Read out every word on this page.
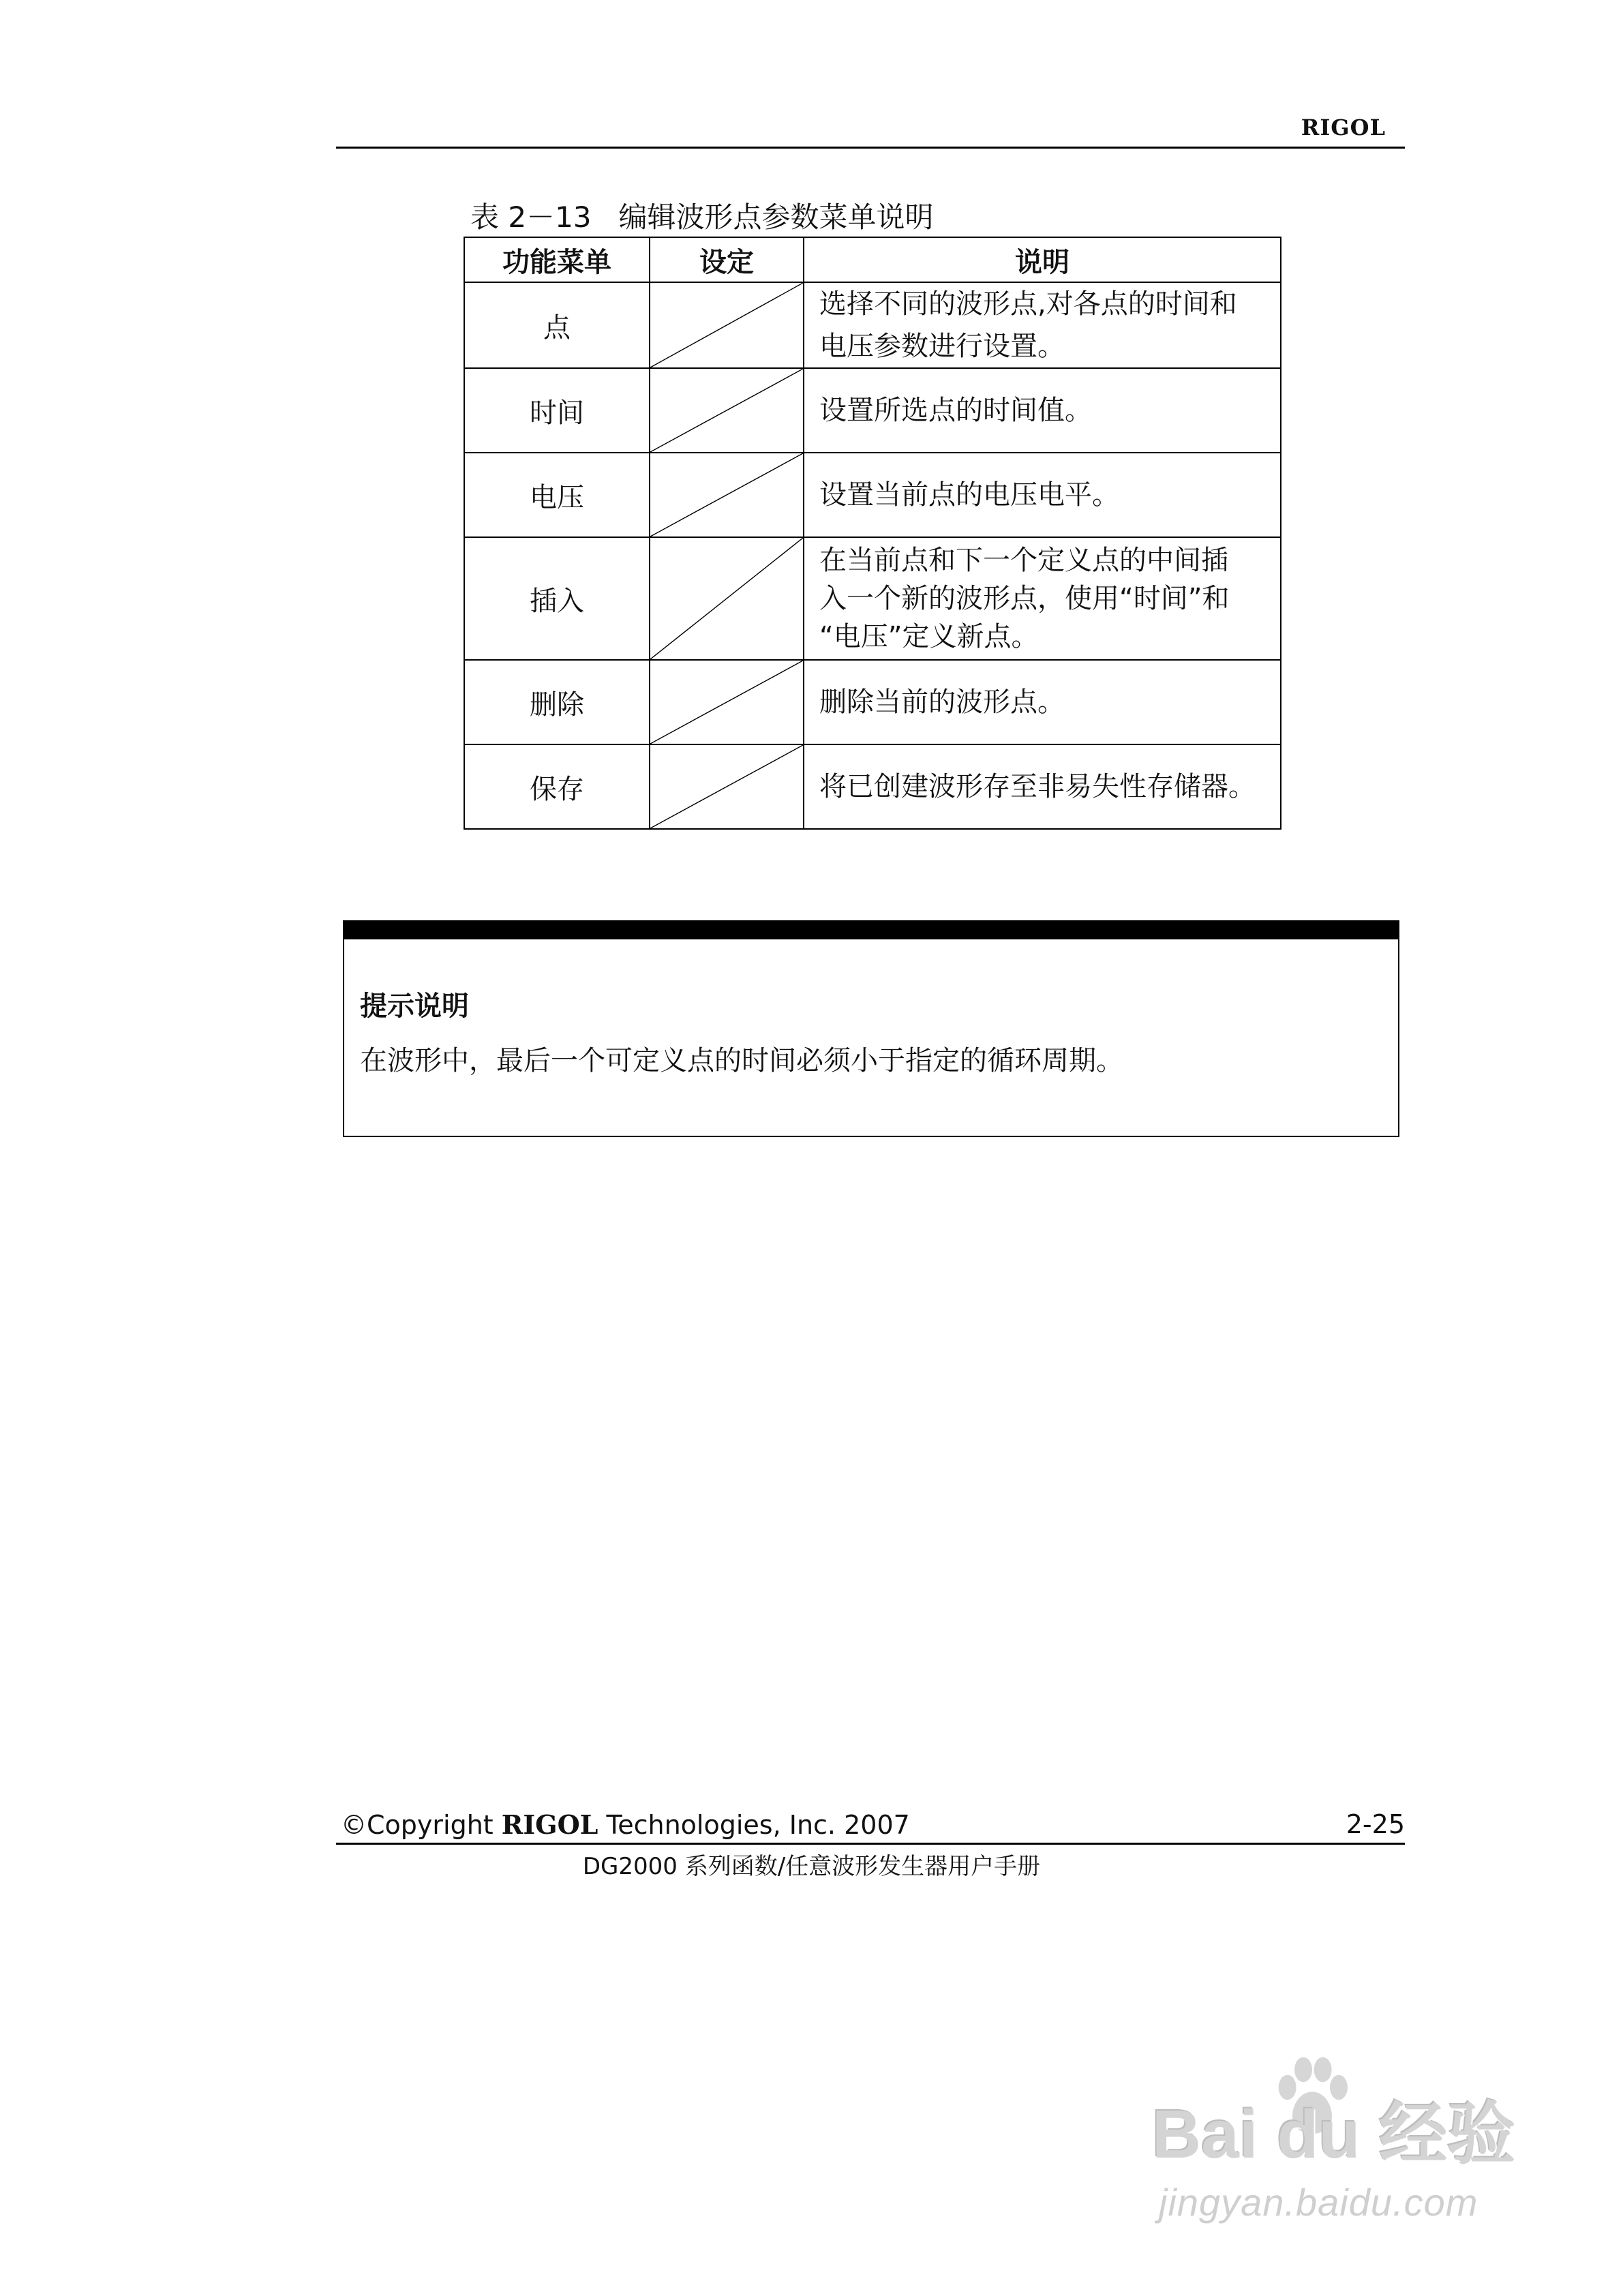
RIGOL
表 2－13 编辑波形点参数菜单说明
功能菜单	设定	说明
点		选择不同的波形点,对各点的时间和
电压参数进行设置。

时间		设置所选点的时间值。

电压		设置当前点的电压电平。

插入		在当前点和下一个定义点的中间插
入一个新的波形点，使用“时间”和
“电压”定义新点。

删除		删除当前的波形点。

保存		将已创建波形存至非易失性存储器。
提示说明
在波形中，最后一个可定义点的时间必须小于指定的循环周期。
©Copyright RIGOL Technologies, Inc. 2007	2-25
DG2000 系列函数/任意波形发生器用户手册
Bai du 经验
jingyan.baidu.com
